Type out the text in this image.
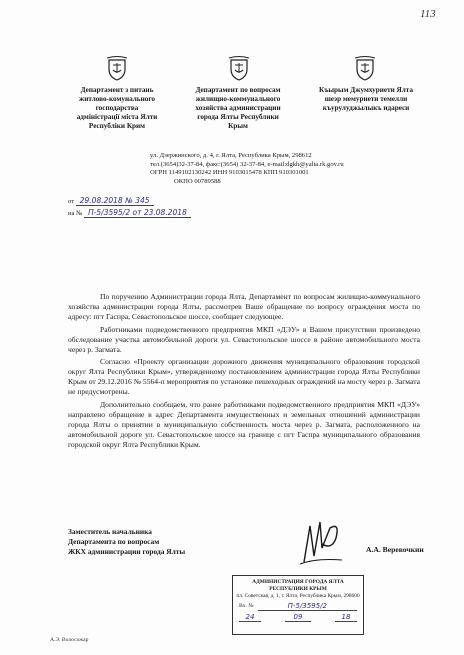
113
Департамент з питань
житлово-комунального
господарства
адміністрації міста Ялти
Республіки Крим
Департамент по вопросам
жилищно-коммунального
хозяйства администрации
города Ялты Республики
Крым
Къырым Джумхуриети Ялта
шеэр мемуриети темелли
къурулуджылыкъ идареси
ул. Дзержинского, д. 4, г. Ялта, Республика Крым, 298612
тел.(3654)32-37-84, факс:(3654) 32-37-84, e-mail:dgkh@yalta.rk.gov.ru
ОГРН 1149102130242 ИНН 9103015478 КПП 910301001
ОКПО 00789588
от 29.08.2018 № 345
на № П-5/3595/2 от 23.08.2018

По поручению Администрации города Ялта, Департамент по вопросам жилищно-коммунального хозяйства администрации города Ялты, рассмотрев Ваше обращение по вопросу ограждения моста по адресу: пгт Гаспра, Севастопольское шоссе, сообщает следующее.

Работниками подведомственного предприятия МКП «ДЭУ» в Вашем присутствии произведено обследование участка автомобильной дороги ул. Севастопольское шоссе в районе автомобильного моста через р. Загмата.

Согласно «Проекту организации дорожного движения муниципального образования городской округ Ялта Республики Крым», утвержденному постановлением администрации города Ялты Республики Крым от 29.12.2016 № 5564-п мероприятия по установке пешеходных ограждений на мосту через р. Загмата не предусмотрены.

Дополнительно сообщаем, что ранее работниками подведомственного предприятия МКП «ДЭУ» направлено обращение в адрес Департамента имущественных и земельных отношений администрации города Ялты о принятии в муниципальную собственность моста через р. Загмата, расположенного на автомобильной дороге ул. Севастопольское шоссе на границе с пгт Гаспра муниципального образования городской округ Ялта Республики Крым.

Заместитель начальника
Департамента по вопросам
ЖКХ администрации города Ялты	А.А. Веревочкин
АДМИНИСТРАЦИЯ ГОРОДА ЯЛТА
РЕСПУБЛИКИ КРЫМ
пл. Советская, д. 1, г. Ялта, Республика Крым, 298600
Вх. №	П-5/3595/2
24	09	18
А.Э. Волосожар
